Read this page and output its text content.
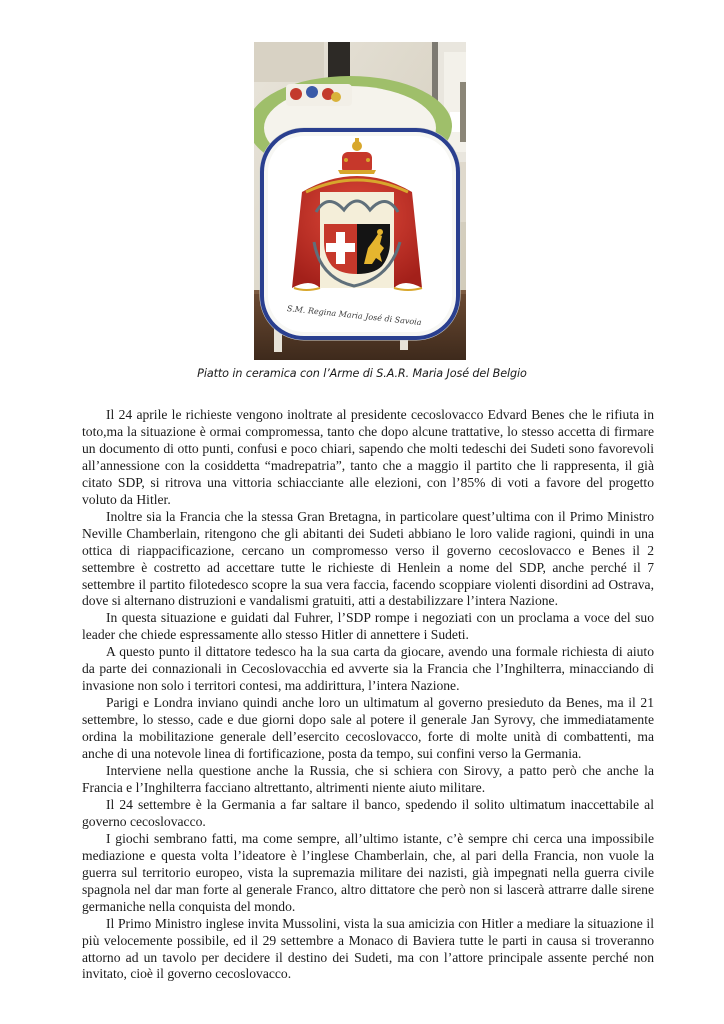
S.M. Regina Maria José di Savoia
Piatto in ceramica con l’Arme di S.A.R. Maria José del Belgio

Il 24 aprile le richieste vengono inoltrate al presidente cecoslovacco Edvard Benes che le rifiuta in toto,ma la situazione è ormai compromessa, tanto che dopo alcune trattative, lo stesso accetta di firmare un documento di otto punti, confusi e poco chiari, sapendo che molti tedeschi dei Sudeti sono favorevoli all’annessione con la cosiddetta “madrepatria”, tanto che a maggio il partito che li rappresenta, il già citato SDP, si ritrova una vittoria schiacciante alle elezioni, con l’85% di voti a favore del progetto voluto da Hitler.

Inoltre sia la Francia che la stessa Gran Bretagna, in particolare quest’ultima con il Primo Ministro Neville Chamberlain, ritengono che gli abitanti dei Sudeti abbiano le loro valide ragioni, quindi in una ottica di riappacificazione, cercano un compromesso verso il governo cecoslovacco e Benes il 2 settembre è costretto ad accettare tutte le richieste di Henlein a nome del SDP, anche perché il 7 settembre il partito filotedesco scopre la sua vera faccia, facendo scoppiare violenti disordini ad Ostrava, dove si alternano distruzioni e vandalismi gratuiti, atti a destabilizzare l’intera Nazione.

In questa situazione e guidati dal Fuhrer, l’SDP rompe i negoziati con un proclama a voce del suo leader che chiede espressamente allo stesso Hitler di annettere i Sudeti.

A questo punto il dittatore tedesco ha la sua carta da giocare, avendo una formale richiesta di aiuto da parte dei connazionali in Cecoslovacchia ed avverte sia la Francia che l’Inghilterra, minacciando di invasione non solo i territori contesi, ma addirittura, l’intera Nazione.

Parigi e Londra inviano quindi anche loro un ultimatum al governo presieduto da Benes, ma il 21 settembre, lo stesso, cade e due giorni dopo sale al potere il generale Jan Syrovy, che immediatamente ordina la mobilitazione generale dell’esercito cecoslovacco, forte di molte unità di combattenti, ma anche di una notevole linea di fortificazione, posta da tempo, sui confini verso la Germania.

Interviene nella questione anche la Russia, che si schiera con Sirovy, a patto però che anche la Francia e l’Inghilterra facciano altrettanto, altrimenti niente aiuto militare.

Il 24 settembre è la Germania a far saltare il banco, spedendo il solito ultimatum inaccettabile al governo cecoslovacco.

I giochi sembrano fatti, ma come sempre, all’ultimo istante, c’è sempre chi cerca una impossibile mediazione e questa volta l’ideatore è l’inglese Chamberlain, che, al pari della Francia, non vuole la guerra sul territorio europeo, vista la supremazia militare dei nazisti, già impegnati nella guerra civile spagnola nel dar man forte al generale Franco, altro dittatore che però non si lascerà attrarre dalle sirene germaniche nella conquista del mondo.

Il Primo Ministro inglese invita Mussolini, vista la sua amicizia con Hitler a mediare la situazione il più velocemente possibile, ed il 29 settembre a Monaco di Baviera tutte le parti in causa si troveranno attorno ad un tavolo per decidere il destino dei Sudeti, ma con l’attore principale assente perché non invitato, cioè il governo cecoslovacco.
